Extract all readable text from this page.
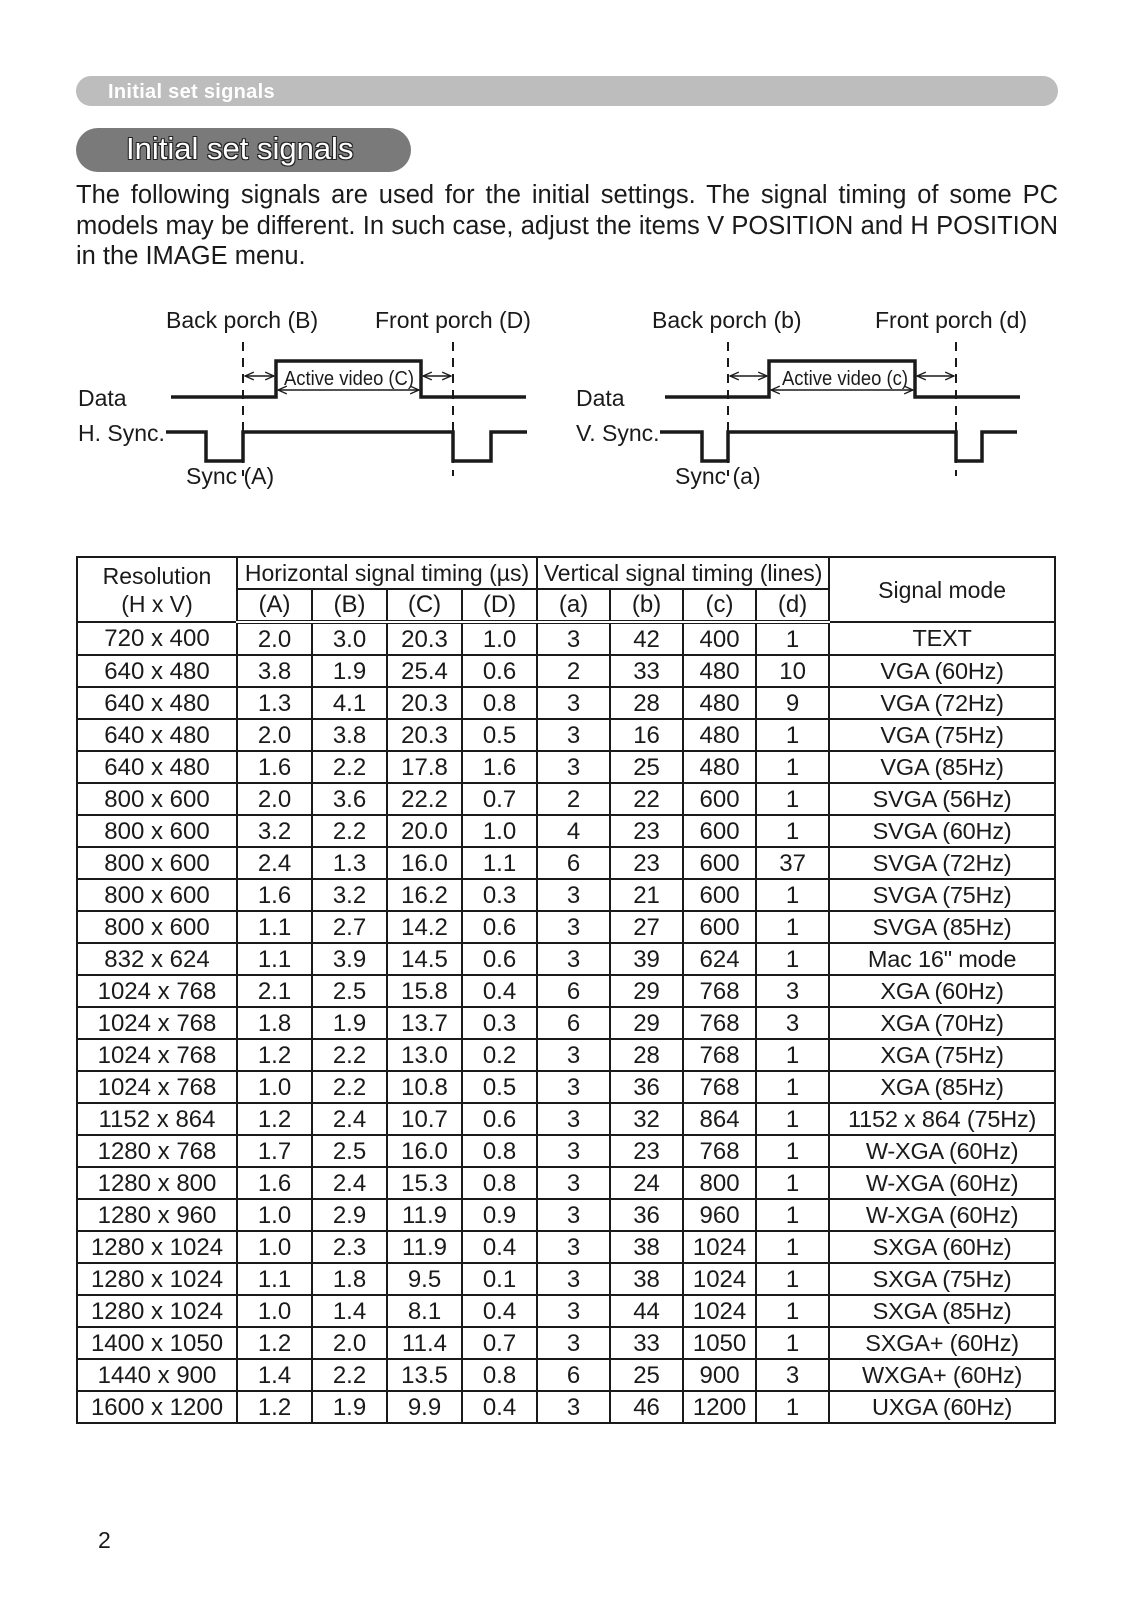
Initial set signals
Initial set signals

The following signals are used for the initial settings. The signal timing of some PC models may be different. In such case, adjust the items V POSITION and H POSITION in the IMAGE menu.

Back porch (B) Front porch (D)
Data
H. Sync.
Sync (A)
Active video (C)
Back porch (b)	Front porch (d)
Data
V. Sync.
Sync (a)
Active video (c)
Resolution
(H x V)	Horizontal signal timing (µs)				Vertical signal timing (lines)				Signal mode
	(A)	(B)	(C)	(D)	(a)	(b)	(c)	(d)	
720 x 400	2.0	3.0	20.3	1.0	3	42	400	1	TEXT
640 x 480	3.8	1.9	25.4	0.6	2	33	480	10	VGA (60Hz)
640 x 480	1.3	4.1	20.3	0.8	3	28	480	9	VGA (72Hz)
640 x 480	2.0	3.8	20.3	0.5	3	16	480	1	VGA (75Hz)
640 x 480	1.6	2.2	17.8	1.6	3	25	480	1	VGA (85Hz)
800 x 600	2.0	3.6	22.2	0.7	2	22	600	1	SVGA (56Hz)
800 x 600	3.2	2.2	20.0	1.0	4	23	600	1	SVGA (60Hz)
800 x 600	2.4	1.3	16.0	1.1	6	23	600	37	SVGA (72Hz)
800 x 600	1.6	3.2	16.2	0.3	3	21	600	1	SVGA (75Hz)
800 x 600	1.1	2.7	14.2	0.6	3	27	600	1	SVGA (85Hz)
832 x 624	1.1	3.9	14.5	0.6	3	39	624	1	Mac 16" mode
1024 x 768	2.1	2.5	15.8	0.4	6	29	768	3	XGA (60Hz)
1024 x 768	1.8	1.9	13.7	0.3	6	29	768	3	XGA (70Hz)
1024 x 768	1.2	2.2	13.0	0.2	3	28	768	1	XGA (75Hz)
1024 x 768	1.0	2.2	10.8	0.5	3	36	768	1	XGA (85Hz)
1152 x 864	1.2	2.4	10.7	0.6	3	32	864	1	1152 x 864 (75Hz)
1280 x 768	1.7	2.5	16.0	0.8	3	23	768	1	W-XGA (60Hz)
1280 x 800	1.6	2.4	15.3	0.8	3	24	800	1	W-XGA (60Hz)
1280 x 960	1.0	2.9	11.9	0.9	3	36	960	1	W-XGA (60Hz)
1280 x 1024	1.0	2.3	11.9	0.4	3	38	1024	1	SXGA (60Hz)
1280 x 1024	1.1	1.8	9.5	0.1	3	38	1024	1	SXGA (75Hz)
1280 x 1024	1.0	1.4	8.1	0.4	3	44	1024	1	SXGA (85Hz)
1400 x 1050	1.2	2.0	11.4	0.7	3	33	1050	1	SXGA+ (60Hz)
1440 x 900	1.4	2.2	13.5	0.8	6	25	900	3	WXGA+ (60Hz)
1600 x 1200	1.2	1.9	9.9	0.4	3	46	1200	1	UXGA (60Hz)
2
